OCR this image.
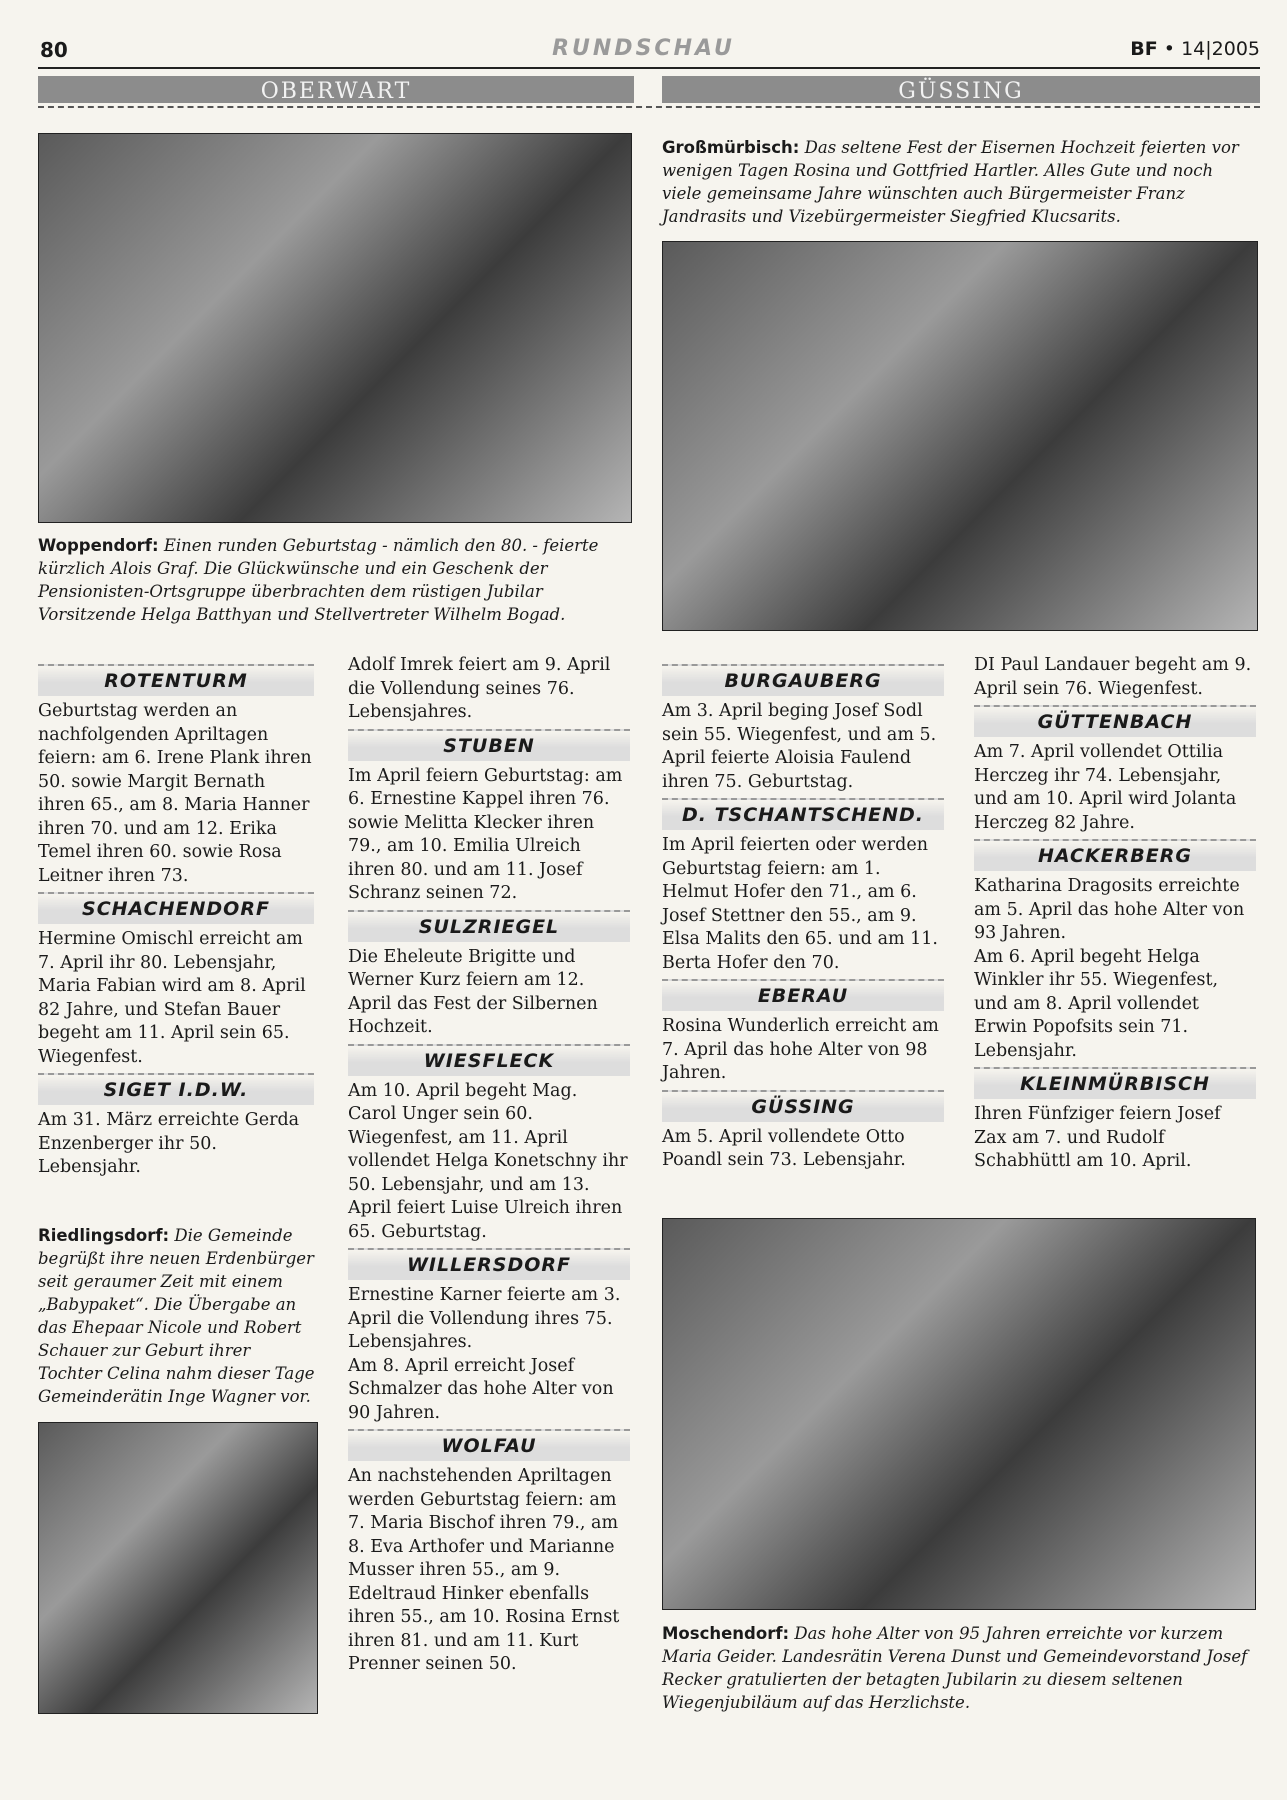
80	RUNDSCHAU	BF • 14|2005
OBERWART	GÜSSING
Woppendorf: Einen runden Geburtstag - nämlich den 80. - feierte kürzlich Alois Graf. Die Glückwünsche und ein Geschenk der Pensionisten-Ortsgruppe überbrachten dem rüstigen Jubilar Vorsitzende Helga Batthyan und Stellvertreter Wilhelm Bogad.
Großmürbisch: Das seltene Fest der Eisernen Hochzeit feierten vor wenigen Tagen Rosina und Gottfried Hartler. Alles Gute und noch viele gemeinsame Jahre wünschten auch Bürgermeister Franz Jandrasits und Vizebürgermeister Siegfried Klucsarits.
Riedlingsdorf: Die Gemeinde begrüßt ihre neuen Erdenbürger seit geraumer Zeit mit einem „Babypaket“. Die Übergabe an das Ehepaar Nicole und Robert Schauer zur Geburt ihrer Tochter Celina nahm dieser Tage Gemeinderätin Inge Wagner vor.
Moschendorf: Das hohe Alter von 95 Jahren erreichte vor kurzem Maria Geider. Landesrätin Verena Dunst und Gemeindevorstand Josef Recker gratulierten der betagten Jubilarin zu diesem seltenen Wiegenjubiläum auf das Herzlichste.
ROTENTURM
Geburtstag werden an nachfolgenden Apriltagen feiern: am 6. Irene Plank ihren 50. sowie Margit Bernath ihren 65., am 8. Maria Hanner ihren 70. und am 12. Erika Temel ihren 60. sowie Rosa Leitner ihren 73.
SCHACHENDORF
Hermine Omischl erreicht am 7. April ihr 80. Lebensjahr, Maria Fabian wird am 8. April 82 Jahre, und Stefan Bauer begeht am 11. April sein 65. Wiegenfest.
SIGET I.D.W.
Am 31. März erreichte Gerda Enzenberger ihr 50. Lebensjahr.
Adolf Imrek feiert am 9. April die Vollendung seines 76. Lebensjahres.
STUBEN
Im April feiern Geburtstag: am 6. Ernestine Kappel ihren 76. sowie Melitta Klecker ihren 79., am 10. Emilia Ulreich ihren 80. und am 11. Josef Schranz seinen 72.
SULZRIEGEL
Die Eheleute Brigitte und Werner Kurz feiern am 12. April das Fest der Silbernen Hochzeit.
WIESFLECK
Am 10. April begeht Mag. Carol Unger sein 60. Wiegenfest, am 11. April vollendet Helga Konetschny ihr 50. Lebensjahr, und am 13. April feiert Luise Ulreich ihren 65. Geburtstag.
WILLERSDORF
Ernestine Karner feierte am 3. April die Vollendung ihres 75. Lebensjahres.
Am 8. April erreicht Josef Schmalzer das hohe Alter von 90 Jahren.
WOLFAU
An nachstehenden Apriltagen werden Geburtstag feiern: am 7. Maria Bischof ihren 79., am 8. Eva Arthofer und Marianne Musser ihren 55., am 9. Edeltraud Hinker ebenfalls ihren 55., am 10. Rosina Ernst ihren 81. und am 11. Kurt Prenner seinen 50.
BURGAUBERG
Am 3. April beging Josef Sodl sein 55. Wiegenfest, und am 5. April feierte Aloisia Faulend ihren 75. Geburtstag.
D. TSCHANTSCHEND.
Im April feierten oder werden Geburtstag feiern: am 1. Helmut Hofer den 71., am 6. Josef Stettner den 55., am 9. Elsa Malits den 65. und am 11. Berta Hofer den 70.
EBERAU
Rosina Wunderlich erreicht am 7. April das hohe Alter von 98 Jahren.
GÜSSING
Am 5. April vollendete Otto Poandl sein 73. Lebensjahr.
DI Paul Landauer begeht am 9. April sein 76. Wiegenfest.
GÜTTENBACH
Am 7. April vollendet Ottilia Herczeg ihr 74. Lebensjahr, und am 10. April wird Jolanta Herczeg 82 Jahre.
HACKERBERG
Katharina Dragosits erreichte am 5. April das hohe Alter von 93 Jahren.
Am 6. April begeht Helga Winkler ihr 55. Wiegenfest, und am 8. April vollendet Erwin Popofsits sein 71. Lebensjahr.
KLEINMÜRBISCH
Ihren Fünfziger feiern Josef Zax am 7. und Rudolf Schabhüttl am 10. April.
